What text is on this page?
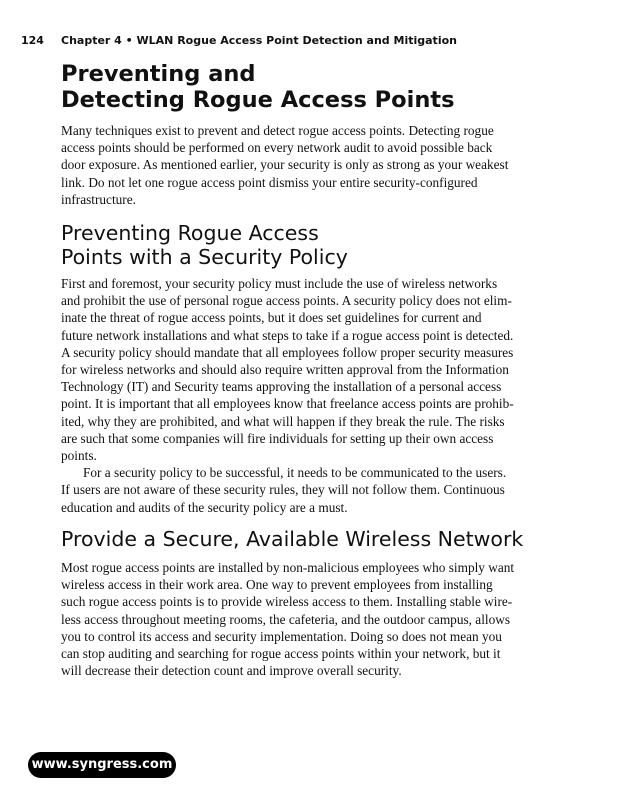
124 Chapter 4 • WLAN Rogue Access Point Detection and Mitigation
Preventing and
Detecting Rogue Access Points
Many techniques exist to prevent and detect rogue access points. Detecting rogue
access points should be performed on every network audit to avoid possible back
door exposure. As mentioned earlier, your security is only as strong as your weakest
link. Do not let one rogue access point dismiss your entire security-configured
infrastructure.
Preventing Rogue Access
Points with a Security Policy
First and foremost, your security policy must include the use of wireless networks
and prohibit the use of personal rogue access points. A security policy does not elim-
inate the threat of rogue access points, but it does set guidelines for current and
future network installations and what steps to take if a rogue access point is detected.
A security policy should mandate that all employees follow proper security measures
for wireless networks and should also require written approval from the Information
Technology (IT) and Security teams approving the installation of a personal access
point. It is important that all employees know that freelance access points are prohib-
ited, why they are prohibited, and what will happen if they break the rule. The risks
are such that some companies will fire individuals for setting up their own access
points.
For a security policy to be successful, it needs to be communicated to the users.
If users are not aware of these security rules, they will not follow them. Continuous
education and audits of the security policy are a must.
Provide a Secure, Available Wireless Network
Most rogue access points are installed by non-malicious employees who simply want
wireless access in their work area. One way to prevent employees from installing
such rogue access points is to provide wireless access to them. Installing stable wire-
less access throughout meeting rooms, the cafeteria, and the outdoor campus, allows
you to control its access and security implementation. Doing so does not mean you
can stop auditing and searching for rogue access points within your network, but it
will decrease their detection count and improve overall security.
www.syngress.com
